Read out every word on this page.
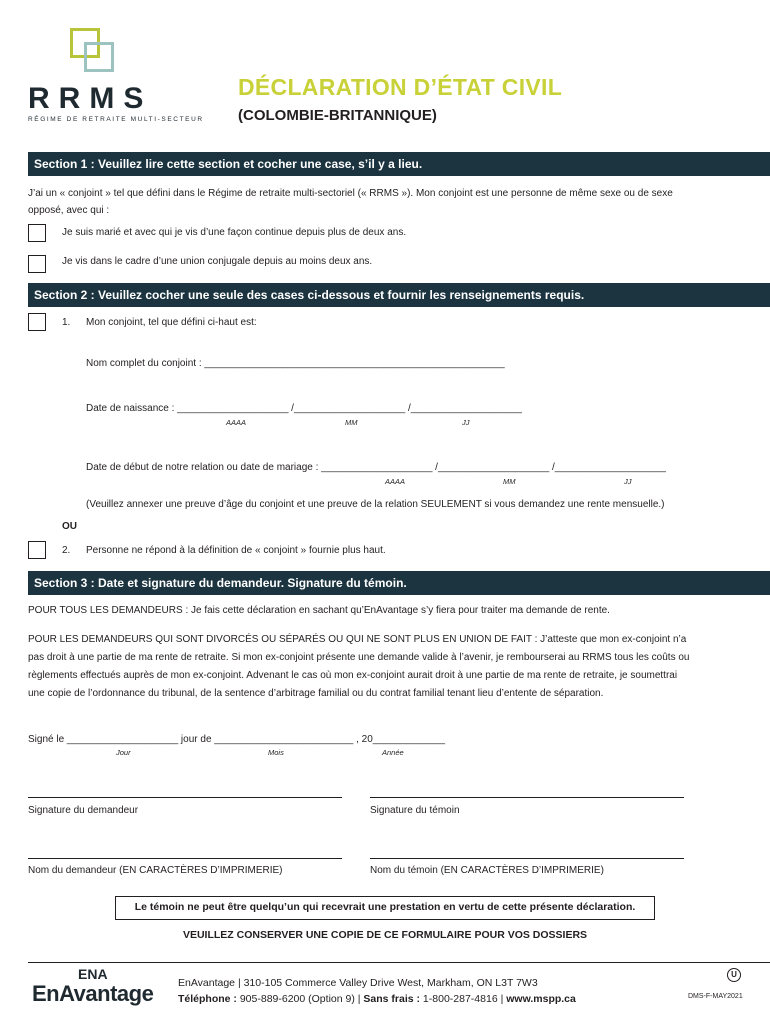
RRMS
RÉGIME DE RETRAITE MULTI-SECTEUR
DÉCLARATION D’ÉTAT CIVIL
(COLOMBIE-BRITANNIQUE)
Section 1 : Veuillez lire cette section et cocher une case, s’il y a lieu.
J’ai un « conjoint » tel que défini dans le Régime de retraite multi-sectoriel (« RRMS »). Mon conjoint est une personne de même sexe ou de sexe
opposé, avec qui :
Je suis marié et avec qui je vis d’une façon continue depuis plus de deux ans.
Je vis dans le cadre d’une union conjugale depuis au moins deux ans.
Section 2 : Veuillez cocher une seule des cases ci-dessous et fournir les renseignements requis.
1. Mon conjoint, tel que défini ci-haut est:
Nom complet du conjoint : ______________________________________________________
Date de naissance : ____________________ /____________________ /____________________
AAAA	MM	JJ
Date de début de notre relation ou date de mariage : ____________________ /____________________ /____________________
AAAA	MM	JJ
(Veuillez annexer une preuve d’âge du conjoint et une preuve de la relation SEULEMENT si vous demandez une rente mensuelle.)
OU
2. Personne ne répond à la définition de « conjoint » fournie plus haut.
Section 3 : Date et signature du demandeur. Signature du témoin.
POUR TOUS LES DEMANDEURS : Je fais cette déclaration en sachant qu’EnAvantage s’y fiera pour traiter ma demande de rente.
POUR LES DEMANDEURS QUI SONT DIVORCÉS OU SÉPARÉS OU QUI NE SONT PLUS EN UNION DE FAIT : J’atteste que mon ex-conjoint n’a
pas droit à une partie de ma rente de retraite. Si mon ex-conjoint présente une demande valide à l’avenir, je rembourserai au RRMS tous les coûts ou
règlements effectués auprès de mon ex-conjoint. Advenant le cas où mon ex-conjoint aurait droit à une partie de ma rente de retraite, je soumettrai
une copie de l’ordonnance du tribunal, de la sentence d’arbitrage familial ou du contrat familial tenant lieu d’entente de séparation.
Signé le ____________________ jour de _________________________ , 20_____________
Jour	Mois	Année
Signature du demandeur	Signature du témoin
Nom du demandeur (EN CARACTÈRES D’IMPRIMERIE)	Nom du témoin (EN CARACTÈRES D’IMPRIMERIE)
Le témoin ne peut être quelqu’un qui recevrait une prestation en vertu de cette présente déclaration.
VEUILLEZ CONSERVER UNE COPIE DE CE FORMULAIRE POUR VOS DOSSIERS
ENA
EnAvantage EnAvantage | 310-105 Commerce Valley Drive West, Markham, ON L3T 7W3
Téléphone : 905-889-6200 (Option 9) | Sans frais : 1-800-287-4816 | www.mspp.ca
U
DMS-F-MAY2021
